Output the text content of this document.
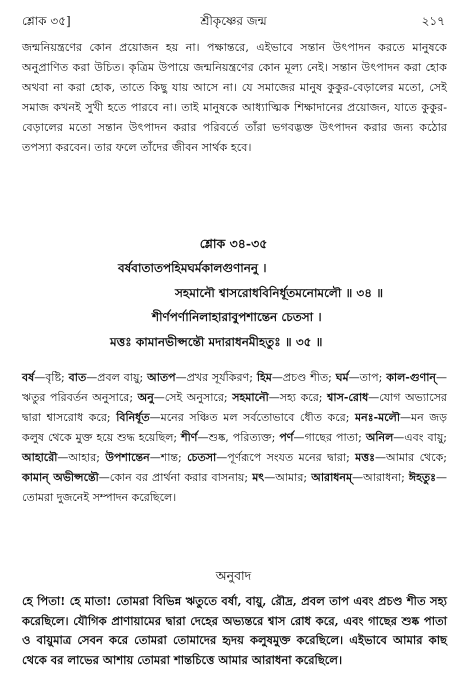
শ্লোক ৩৫]	শ্রীকৃষ্ণের জন্ম	২১৭
জন্মনিয়ন্ত্রণের কোন প্রয়োজন হয় না। পক্ষান্তরে, এইভাবে সন্তান উৎপাদন করতে মানুষকে অনুপ্রাণিত করা উচিত। কৃত্রিম উপায়ে জন্মনিয়ন্ত্রণের কোন মূল্য নেই। সন্তান উৎপাদন করা হোক অথবা না করা হোক, তাতে কিছু যায় আসে না। যে সমাজের মানুষ কুকুর-বেড়ালের মতো, সেই সমাজ কখনই সুখী হতে পারবে না। তাই মানুষকে আধ্যাত্মিক শিক্ষাদানের প্রয়োজন, যাতে কুকুর-বেড়ালের মতো সন্তান উৎপাদন করার পরিবর্তে তাঁরা ভগবদ্ভক্ত উৎপাদন করার জন্য কঠোর তপস্যা করবেন। তার ফলে তাঁদের জীবন সার্থক হবে।
শ্লোক ৩৪-৩৫
বর্ষবাতাতপহিমঘর্মকালগুণাননু ।
সহমানৌ শ্বাসরোধবিনির্ধূতমনোমলৌ ॥ ৩৪ ॥
শীর্ণপর্ণানিলাহারাবুপশান্তেন চেতসা ।
মত্তঃ কামানভীপ্সন্তৌ মদারাধনমীহতুঃ ॥ ৩৫ ॥
বর্ষ—বৃষ্টি; বাত—প্রবল বায়ু; আতপ—প্রখর সূর্যকিরণ; হিম—প্রচণ্ড শীত; ঘর্ম—তাপ; কাল-গুণান্—ঋতুর পরিবর্তন অনুসারে; অনু—সেই অনুসারে; সহমানৌ—সহ্য করে; শ্বাস-রোধ—যোগ অভ্যাসের দ্বারা শ্বাসরোধ করে; বিনির্ধূত—মনের সঞ্চিত মল সর্বতোভাবে ধৌত করে; মনঃ-মলৌ—মন জড় কলুষ থেকে মুক্ত হয়ে শুদ্ধ হয়েছিল; শীর্ণ—শুষ্ক, পরিত্যক্ত; পর্ণ—গাছের পাতা; অনিল—এবং বায়ু; আহারৌ—আহার; উপশান্তেন—শান্ত; চেতসা—পূর্ণরূপে সংযত মনের দ্বারা; মত্তঃ—আমার থেকে; কামান্ অভীপ্সন্তৌ—কোন বর প্রার্থনা করার বাসনায়; মৎ—আমার; আরাধনম্—আরাধনা; ঈহতুঃ—তোমরা দুজনেই সম্পাদন করেছিলে।
অনুবাদ
হে পিতা! হে মাতা! তোমরা বিভিন্ন ঋতুতে বর্ষা, বায়ু, রৌদ্র, প্রবল তাপ এবং প্রচণ্ড শীত সহ্য করেছিলে। যৌগিক প্রাণায়ামের দ্বারা দেহের অভ্যন্তরে শ্বাস রোধ করে, এবং গাছের শুষ্ক পাতা ও বায়ুমাত্র সেবন করে তোমরা তোমাদের হৃদয় কলুষমুক্ত করেছিলে। এইভাবে আমার কাছ থেকে বর লাভের আশায় তোমরা শান্তচিত্তে আমার আরাধনা করেছিলে।
